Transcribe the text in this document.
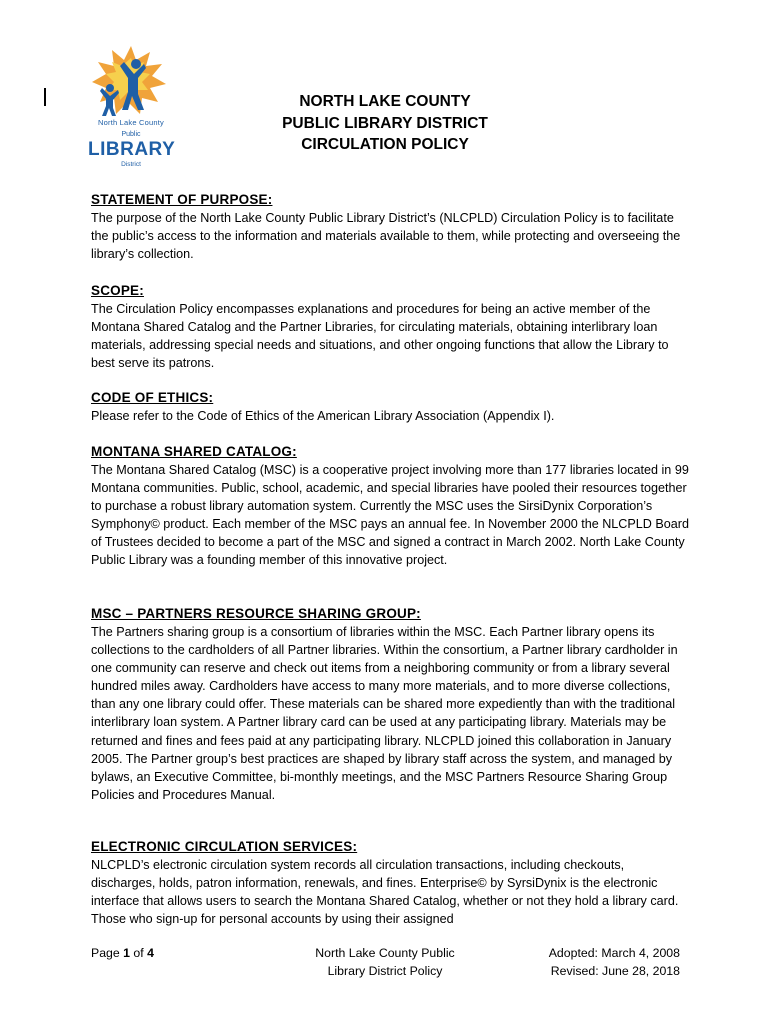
North Lake County
Public
LIBRARY
District
NORTH LAKE COUNTY
PUBLIC LIBRARY DISTRICT
CIRCULATION POLICY
STATEMENT OF PURPOSE:

The purpose of the North Lake County Public Library District’s (NLCPLD) Circulation Policy is to facilitate the public’s access to the information and materials available to them, while protecting and overseeing the library’s collection.

SCOPE:

The Circulation Policy encompasses explanations and procedures for being an active member of the Montana Shared Catalog and the Partner Libraries, for circulating materials, obtaining interlibrary loan materials, addressing special needs and situations, and other ongoing functions that allow the Library to best serve its patrons.

CODE OF ETHICS:

Please refer to the Code of Ethics of the American Library Association (Appendix I).

MONTANA SHARED CATALOG:

The Montana Shared Catalog (MSC) is a cooperative project involving more than 177 libraries located in 99 Montana communities. Public, school, academic, and special libraries have pooled their resources together to purchase a robust library automation system. Currently the MSC uses the SirsiDynix Corporation’s Symphony© product. Each member of the MSC pays an annual fee. In November 2000 the NLCPLD Board of Trustees decided to become a part of the MSC and signed a contract in March 2002. North Lake County Public Library was a founding member of this innovative project.

MSC – PARTNERS RESOURCE SHARING GROUP:

The Partners sharing group is a consortium of libraries within the MSC. Each Partner library opens its collections to the cardholders of all Partner libraries. Within the consortium, a Partner library cardholder in one community can reserve and check out items from a neighboring community or from a library several hundred miles away. Cardholders have access to many more materials, and to more diverse collections, than any one library could offer. These materials can be shared more expediently than with the traditional interlibrary loan system. A Partner library card can be used at any participating library. Materials may be returned and fines and fees paid at any participating library. NLCPLD joined this collaboration in January 2005. The Partner group’s best practices are shaped by library staff across the system, and managed by bylaws, an Executive Committee, bi-monthly meetings, and the MSC Partners Resource Sharing Group Policies and Procedures Manual.

ELECTRONIC CIRCULATION SERVICES:

NLCPLD’s electronic circulation system records all circulation transactions, including checkouts, discharges, holds, patron information, renewals, and fines. Enterprise© by SyrsiDynix is the electronic interface that allows users to search the Montana Shared Catalog, whether or not they hold a library card. Those who sign-up for personal accounts by using their assigned

Page 1 of 4	North Lake County Public
Library District Policy
Adopted: March 4, 2008
Revised: June 28, 2018
